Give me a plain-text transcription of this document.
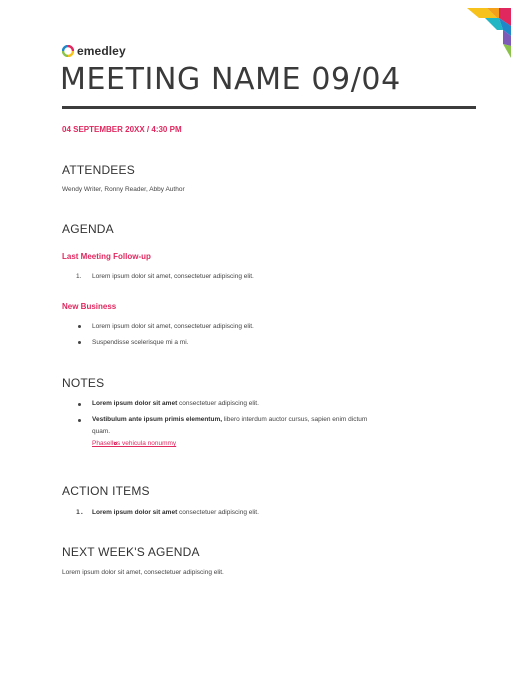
emedley
MEETING NAME 09/04
04 SEPTEMBER 20XX / 4:30 PM
ATTENDEES

Wendy Writer, Ronny Reader, Abby Author

AGENDA
Last Meeting Follow-up
1. Lorem ipsum dolor sit amet, consectetuer adipiscing elit.
New Business
Lorem ipsum dolor sit amet, consectetuer adipiscing elit.
Suspendisse scelerisque mi a mi.
NOTES
Lorem ipsum dolor sit amet consectetuer adipiscing elit.
Vestibulum ante ipsum primis elementum, libero interdum auctor cursus, sapien enim dictum
quam.
Phasellus vehicula nonummy
ACTION ITEMS
1. Lorem ipsum dolor sit amet consectetuer adipiscing elit.
NEXT WEEK'S AGENDA

Lorem ipsum dolor sit amet, consectetuer adipiscing elit.
